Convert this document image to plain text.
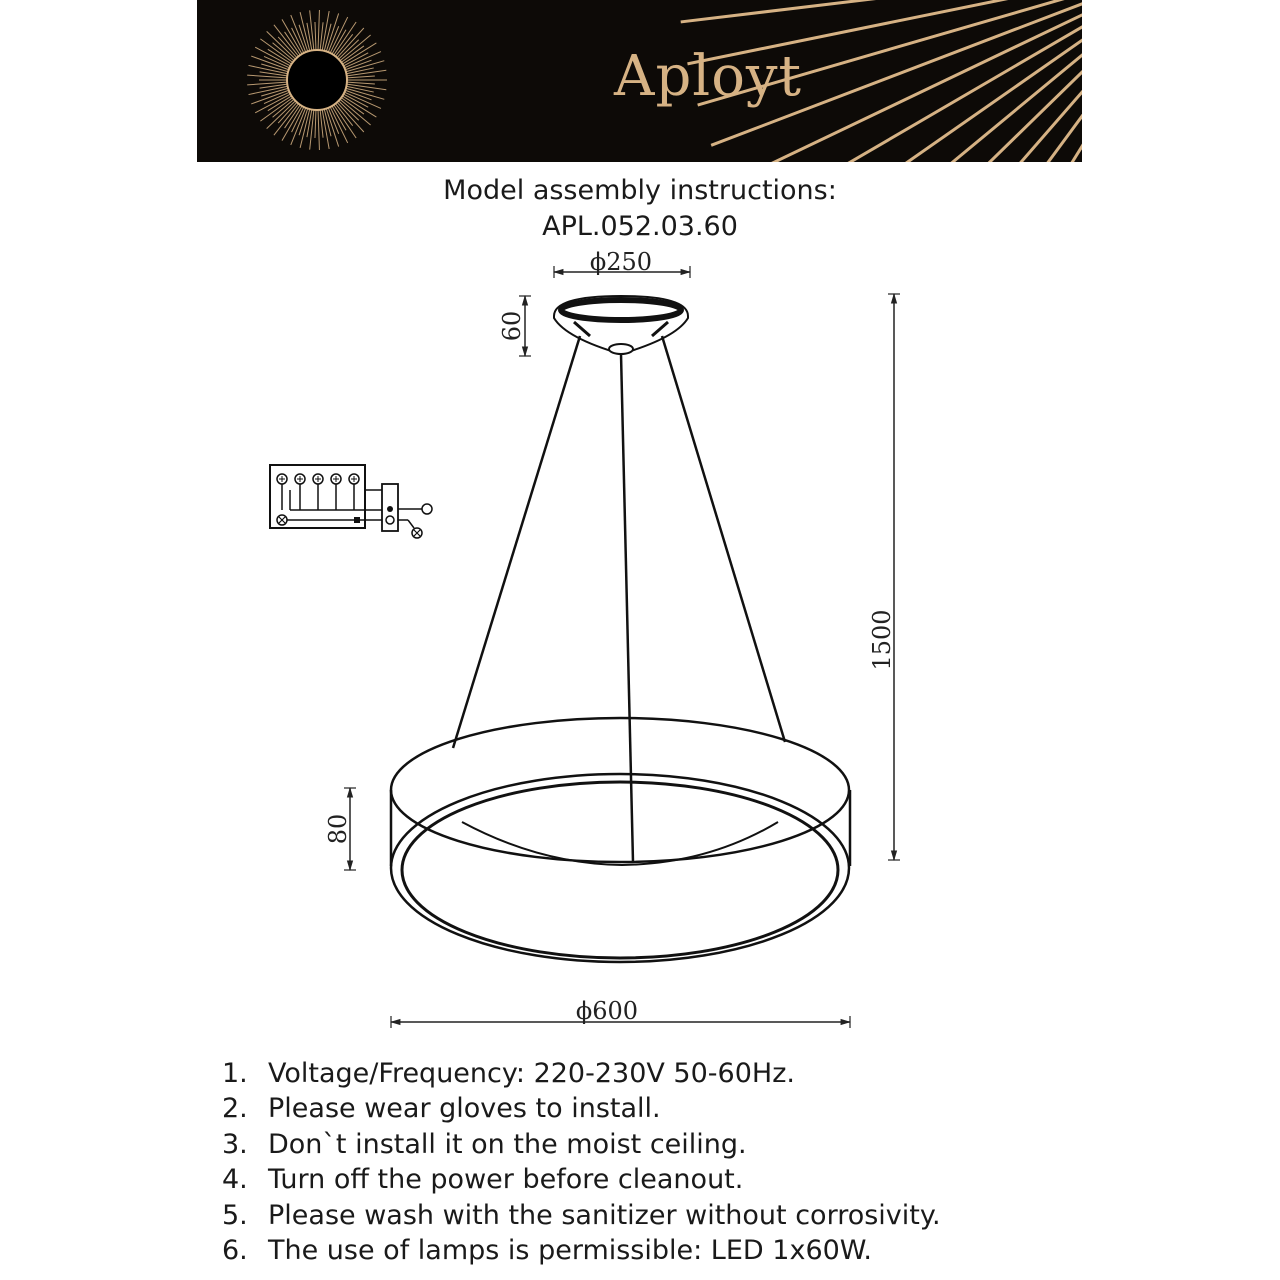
Aployt
Model assembly instructions:
APL.052.03.60
ϕ250
60
80
1500
ϕ600
1. Voltage/Frequency: 220-230V 50-60Hz.
2. Please wear gloves to install.
3. Don`t install it on the moist ceiling.
4. Turn off the power before cleanout.
5. Please wash with the sanitizer without corrosivity.
6. The use of lamps is permissible: LED 1x60W.
